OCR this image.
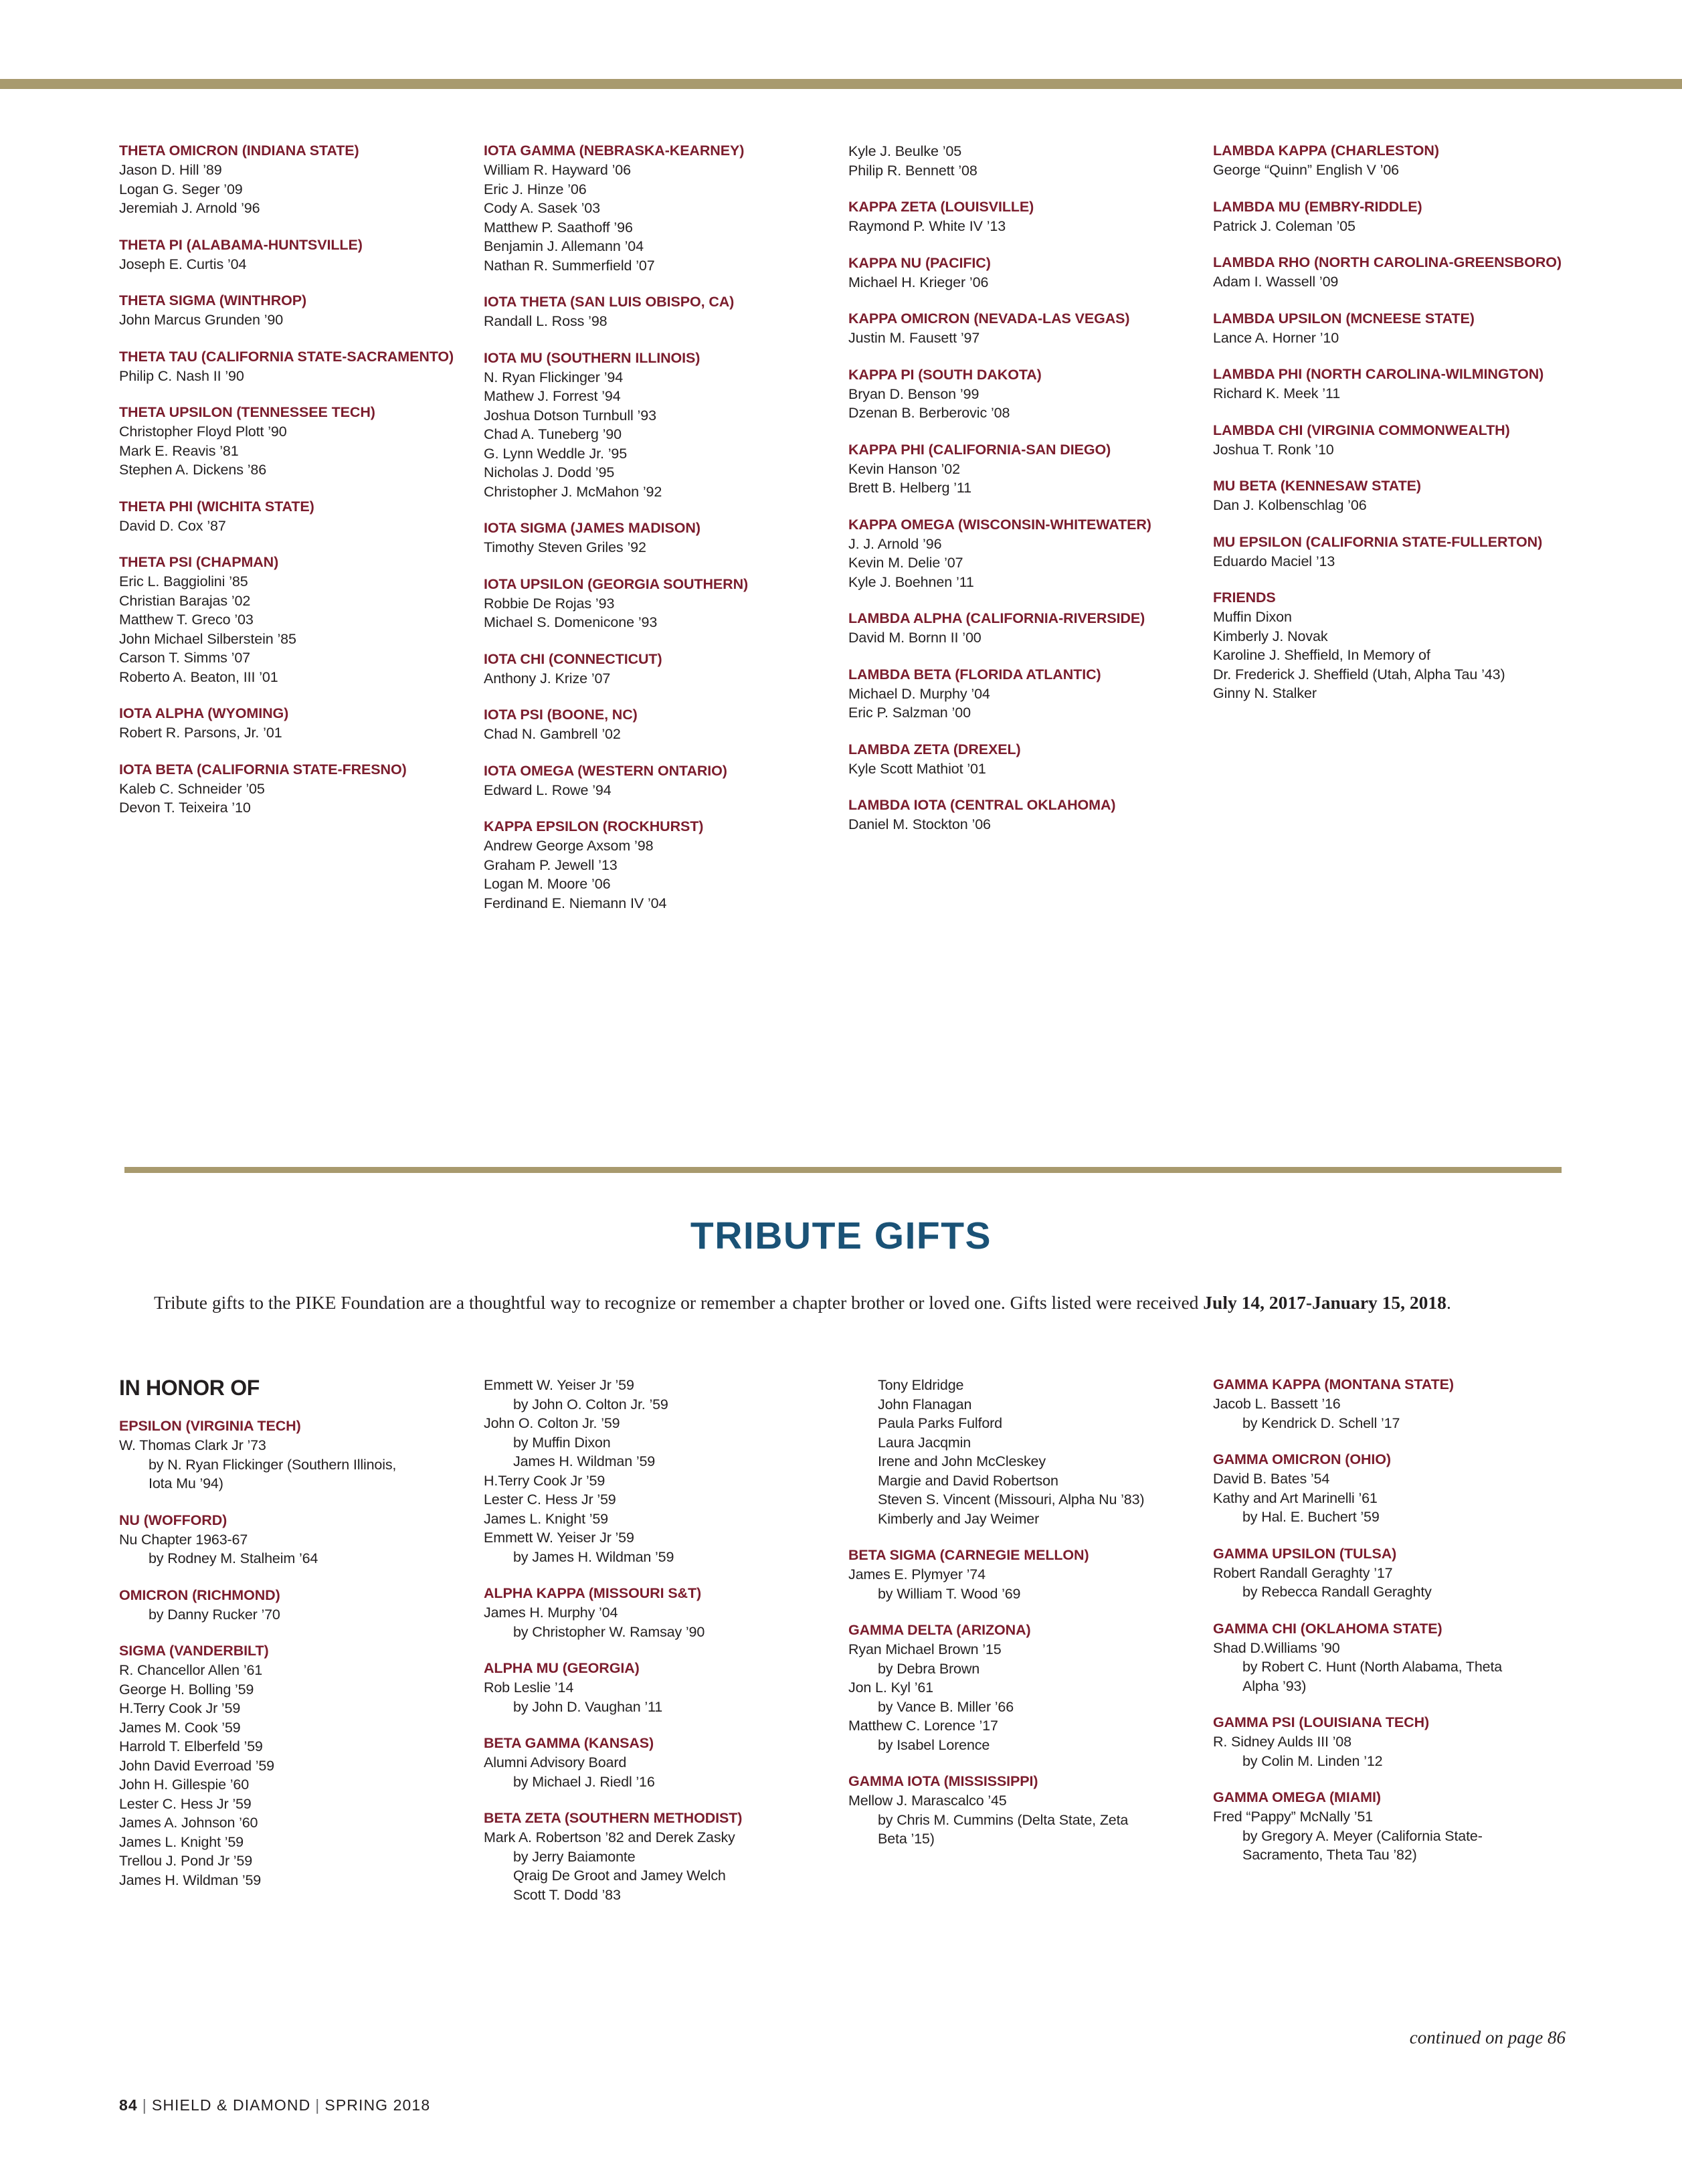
THETA OMICRON (INDIANA STATE)
Jason D. Hill ’89
Logan G. Seger ’09
Jeremiah J. Arnold ’96
THETA PI (ALABAMA-HUNTSVILLE)
Joseph E. Curtis ’04
THETA SIGMA (WINTHROP)
John Marcus Grunden ’90
THETA TAU (CALIFORNIA STATE-SACRAMENTO)
Philip C. Nash II ’90
THETA UPSILON (TENNESSEE TECH)
Christopher Floyd Plott ’90
Mark E. Reavis ’81
Stephen A. Dickens ’86
THETA PHI (WICHITA STATE)
David D. Cox ’87
THETA PSI (CHAPMAN)
Eric L. Baggiolini ’85
Christian Barajas ’02
Matthew T. Greco ’03
John Michael Silberstein ’85
Carson T. Simms ’07
Roberto A. Beaton, III ’01
IOTA ALPHA (WYOMING)
Robert R. Parsons, Jr. ’01
IOTA BETA (CALIFORNIA STATE-FRESNO)
Kaleb C. Schneider ’05
Devon T. Teixeira ’10
IOTA GAMMA (NEBRASKA-KEARNEY)
William R. Hayward ’06
Eric J. Hinze ’06
Cody A. Sasek ’03
Matthew P. Saathoff ’96
Benjamin J. Allemann ’04
Nathan R. Summerfield ’07
IOTA THETA (SAN LUIS OBISPO, CA)
Randall L. Ross ’98
IOTA MU (SOUTHERN ILLINOIS)
N. Ryan Flickinger ’94
Mathew J. Forrest ’94
Joshua Dotson Turnbull ’93
Chad A. Tuneberg ’90
G. Lynn Weddle Jr. ’95
Nicholas J. Dodd ’95
Christopher J. McMahon ’92
IOTA SIGMA (JAMES MADISON)
Timothy Steven Griles ’92
IOTA UPSILON (GEORGIA SOUTHERN)
Robbie De Rojas ’93
Michael S. Domenicone ’93
IOTA CHI (CONNECTICUT)
Anthony J. Krize ’07
IOTA PSI (BOONE, NC)
Chad N. Gambrell ’02
IOTA OMEGA (WESTERN ONTARIO)
Edward L. Rowe ’94
KAPPA EPSILON (ROCKHURST)
Andrew George Axsom ’98
Graham P. Jewell ’13
Logan M. Moore ’06
Ferdinand E. Niemann IV ’04
Kyle J. Beulke ’05
Philip R. Bennett ’08
KAPPA ZETA (LOUISVILLE)
Raymond P. White IV ’13
KAPPA NU (PACIFIC)
Michael H. Krieger ’06
KAPPA OMICRON (NEVADA-LAS VEGAS)
Justin M. Fausett ’97
KAPPA PI (SOUTH DAKOTA)
Bryan D. Benson ’99
Dzenan B. Berberovic ’08
KAPPA PHI (CALIFORNIA-SAN DIEGO)
Kevin Hanson ’02
Brett B. Helberg ’11
KAPPA OMEGA (WISCONSIN-WHITEWATER)
J. J. Arnold ’96
Kevin M. Delie ’07
Kyle J. Boehnen ’11
LAMBDA ALPHA (CALIFORNIA-RIVERSIDE)
David M. Bornn II ’00
LAMBDA BETA (FLORIDA ATLANTIC)
Michael D. Murphy ’04
Eric P. Salzman ’00
LAMBDA ZETA (DREXEL)
Kyle Scott Mathiot ’01
LAMBDA IOTA (CENTRAL OKLAHOMA)
Daniel M. Stockton ’06
LAMBDA KAPPA (CHARLESTON)
George “Quinn” English V ’06
LAMBDA MU (EMBRY-RIDDLE)
Patrick J. Coleman ’05
LAMBDA RHO (NORTH CAROLINA-GREENSBORO)
Adam I. Wassell ’09
LAMBDA UPSILON (MCNEESE STATE)
Lance A. Horner ’10
LAMBDA PHI (NORTH CAROLINA-WILMINGTON)
Richard K. Meek ’11
LAMBDA CHI (VIRGINIA COMMONWEALTH)
Joshua T. Ronk ’10
MU BETA (KENNESAW STATE)
Dan J. Kolbenschlag ’06
MU EPSILON (CALIFORNIA STATE-FULLERTON)
Eduardo Maciel ’13
FRIENDS
Muffin Dixon
Kimberly J. Novak
Karoline J. Sheffield, In Memory of
Dr. Frederick J. Sheffield (Utah, Alpha Tau ’43)
Ginny N. Stalker
TRIBUTE GIFTS
Tribute gifts to the PIKE Foundation are a thoughtful way to recognize or remember a chapter brother or loved one. Gifts listed were received July 14, 2017-January 15, 2018.
IN HONOR OF
EPSILON (VIRGINIA TECH)
W. Thomas Clark Jr ’73
by N. Ryan Flickinger (Southern Illinois,
Iota Mu ’94)
NU (WOFFORD)
Nu Chapter 1963-67
by Rodney M. Stalheim ’64
OMICRON (RICHMOND)
by Danny Rucker ’70
SIGMA (VANDERBILT)
R. Chancellor Allen ’61
George H. Bolling ’59
H.Terry Cook Jr ’59
James M. Cook ’59
Harrold T. Elberfeld ’59
John David Everroad ’59
John H. Gillespie ’60
Lester C. Hess Jr ’59
James A. Johnson ’60
James L. Knight ’59
Trellou J. Pond Jr ’59
James H. Wildman ’59
Emmett W. Yeiser Jr ’59
by John O. Colton Jr. ’59
John O. Colton Jr. ’59
by Muffin Dixon
James H. Wildman ’59
H.Terry Cook Jr ’59
Lester C. Hess Jr ’59
James L. Knight ’59
Emmett W. Yeiser Jr ’59
by James H. Wildman ’59
ALPHA KAPPA (MISSOURI S&T)
James H. Murphy ’04
by Christopher W. Ramsay ’90
ALPHA MU (GEORGIA)
Rob Leslie ’14
by John D. Vaughan ’11
BETA GAMMA (KANSAS)
Alumni Advisory Board
by Michael J. Riedl ’16
BETA ZETA (SOUTHERN METHODIST)
Mark A. Robertson ’82 and Derek Zasky
by Jerry Baiamonte
Qraig De Groot and Jamey Welch
Scott T. Dodd ’83
Tony Eldridge
John Flanagan
Paula Parks Fulford
Laura Jacqmin
Irene and John McCleskey
Margie and David Robertson
Steven S. Vincent (Missouri, Alpha Nu ’83)
Kimberly and Jay Weimer
BETA SIGMA (CARNEGIE MELLON)
James E. Plymyer ’74
by William T. Wood ’69
GAMMA DELTA (ARIZONA)
Ryan Michael Brown ’15
by Debra Brown
Jon L. Kyl ’61
by Vance B. Miller ’66
Matthew C. Lorence ’17
by Isabel Lorence
GAMMA IOTA (MISSISSIPPI)
Mellow J. Marascalco ’45
by Chris M. Cummins (Delta State, Zeta
Beta ’15)
GAMMA KAPPA (MONTANA STATE)
Jacob L. Bassett ’16
by Kendrick D. Schell ’17
GAMMA OMICRON (OHIO)
David B. Bates ’54
Kathy and Art Marinelli ’61
by Hal. E. Buchert ’59
GAMMA UPSILON (TULSA)
Robert Randall Geraghty ’17
by Rebecca Randall Geraghty
GAMMA CHI (OKLAHOMA STATE)
Shad D.Williams ’90
by Robert C. Hunt (North Alabama, Theta
Alpha ’93)
GAMMA PSI (LOUISIANA TECH)
R. Sidney Aulds III ’08
by Colin M. Linden ’12
GAMMA OMEGA (MIAMI)
Fred “Pappy” McNally ’51
by Gregory A. Meyer (California State-
Sacramento, Theta Tau ’82)
continued on page 86
84 | SHIELD & DIAMOND | SPRING 2018
